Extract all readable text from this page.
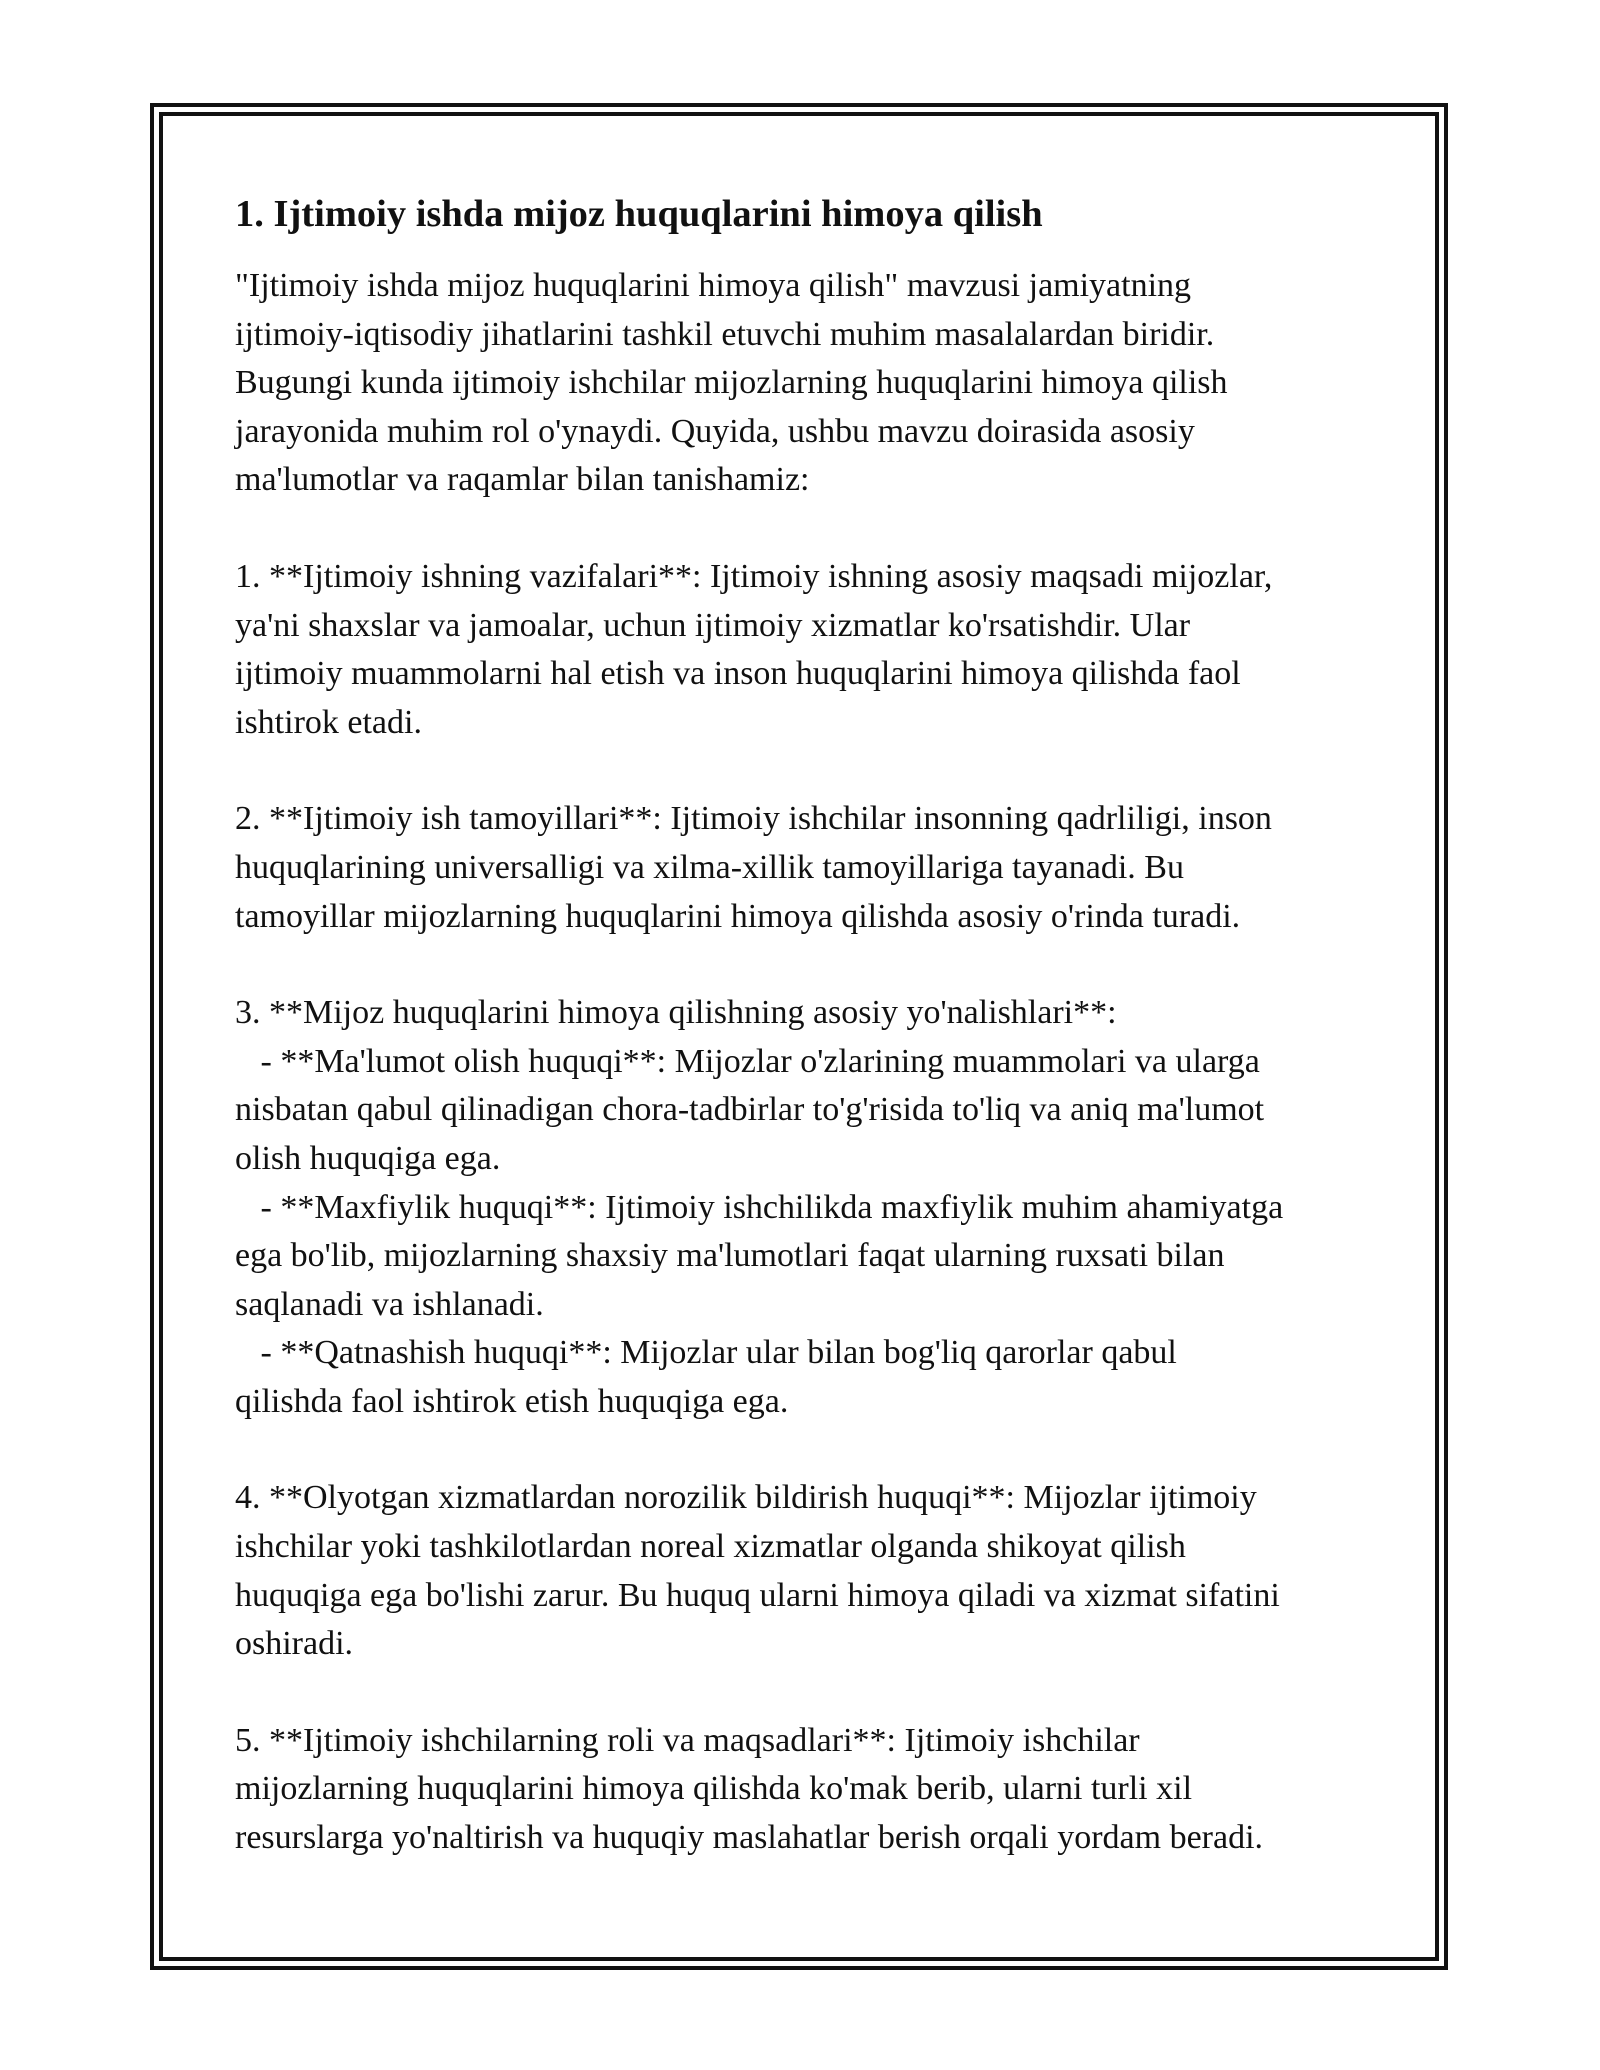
1. Ijtimoiy ishda mijoz huquqlarini himoya qilish

"Ijtimoiy ishda mijoz huquqlarini himoya qilish" mavzusi jamiyatning
ijtimoiy-iqtisodiy jihatlarini tashkil etuvchi muhim masalalardan biridir.
Bugungi kunda ijtimoiy ishchilar mijozlarning huquqlarini himoya qilish
jarayonida muhim rol o'ynaydi. Quyida, ushbu mavzu doirasida asosiy
ma'lumotlar va raqamlar bilan tanishamiz:

1. **Ijtimoiy ishning vazifalari**: Ijtimoiy ishning asosiy maqsadi mijozlar,
ya'ni shaxslar va jamoalar, uchun ijtimoiy xizmatlar ko'rsatishdir. Ular
ijtimoiy muammolarni hal etish va inson huquqlarini himoya qilishda faol
ishtirok etadi.

2. **Ijtimoiy ish tamoyillari**: Ijtimoiy ishchilar insonning qadrliligi, inson
huquqlarining universalligi va xilma-xillik tamoyillariga tayanadi. Bu
tamoyillar mijozlarning huquqlarini himoya qilishda asosiy o'rinda turadi.

3. **Mijoz huquqlarini himoya qilishning asosiy yo'nalishlari**:
- **Ma'lumot olish huquqi**: Mijozlar o'zlarining muammolari va ularga
nisbatan qabul qilinadigan chora-tadbirlar to'g'risida to'liq va aniq ma'lumot
olish huquqiga ega.
- **Maxfiylik huquqi**: Ijtimoiy ishchilikda maxfiylik muhim ahamiyatga
ega bo'lib, mijozlarning shaxsiy ma'lumotlari faqat ularning ruxsati bilan
saqlanadi va ishlanadi.
- **Qatnashish huquqi**: Mijozlar ular bilan bog'liq qarorlar qabul
qilishda faol ishtirok etish huquqiga ega.

4. **Olyotgan xizmatlardan norozilik bildirish huquqi**: Mijozlar ijtimoiy
ishchilar yoki tashkilotlardan noreal xizmatlar olganda shikoyat qilish
huquqiga ega bo'lishi zarur. Bu huquq ularni himoya qiladi va xizmat sifatini
oshiradi.

5. **Ijtimoiy ishchilarning roli va maqsadlari**: Ijtimoiy ishchilar
mijozlarning huquqlarini himoya qilishda ko'mak berib, ularni turli xil
resurslarga yo'naltirish va huquqiy maslahatlar berish orqali yordam beradi.
